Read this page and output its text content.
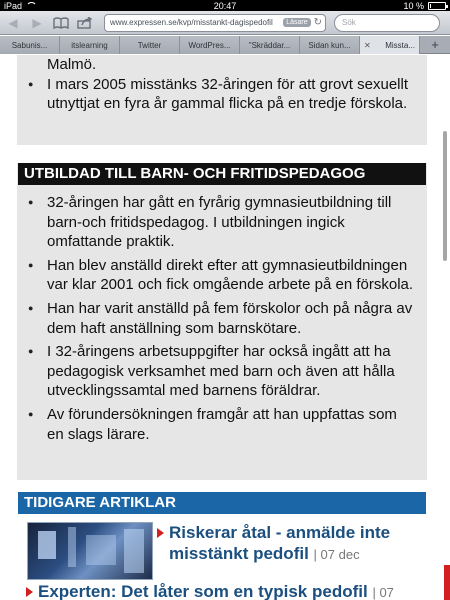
iPad	20:47	10 %
◀	▶	www.expressen.se/kvp/misstankt-dagispedofil	Läsare ↻	Sök
Sabunis...	itslearning	Twitter	WordPres...	"Skräddar...	Sidan kun...	✕ Missta...	+
Malmö.
● I mars 2005 misstänks 32-åringen för att grovt sexuellt utnyttjat en fyra år gammal flicka på en tredje förskola.
● 32-åringen har gått en fyrårig gymnasieutbildning till barn-och fritidspedagog. I utbildningen ingick omfattande praktik.
● Han blev anställd direkt efter att gymnasieutbildningen var klar 2001 och fick omgående arbete på en förskola.
● Han har varit anställd på fem förskolor och på några av dem haft anställning som barnskötare.
● I 32-åringens arbetsuppgifter har också ingått att ha pedagogisk verksamhet med barn och även att hålla utvecklingssamtal med barnens föräldrar.
● Av förundersökningen framgår att han uppfattas som en slags lärare.
UTBILDAD TILL BARN- OCH FRITIDSPEDAGOG
TIDIGARE ARTIKLAR
Riskerar åtal - anmälde inte misstänkt pedofil | 07 dec
Experten: Det låter som en typisk pedofil | 07
